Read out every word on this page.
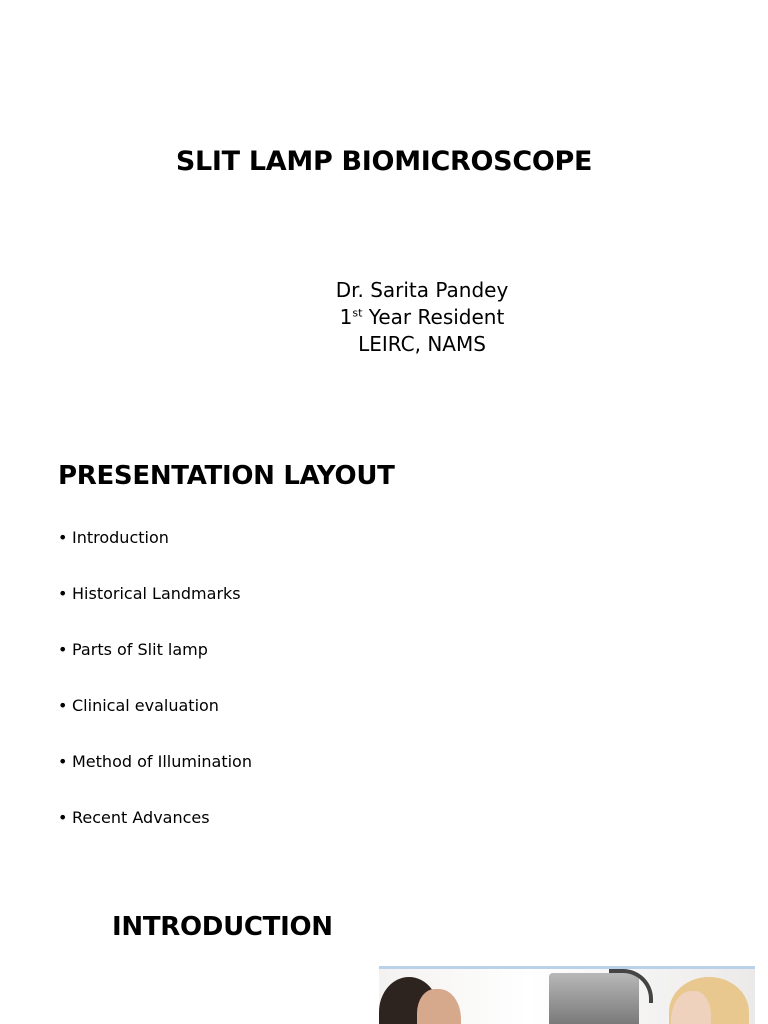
SLIT LAMP BIOMICROSCOPE
Dr. Sarita Pandey
1st Year Resident
LEIRC, NAMS
PRESENTATION LAYOUT
• Introduction
• Historical Landmarks
• Parts of Slit lamp
• Clinical evaluation
• Method of Illumination
• Recent Advances
INTRODUCTION
